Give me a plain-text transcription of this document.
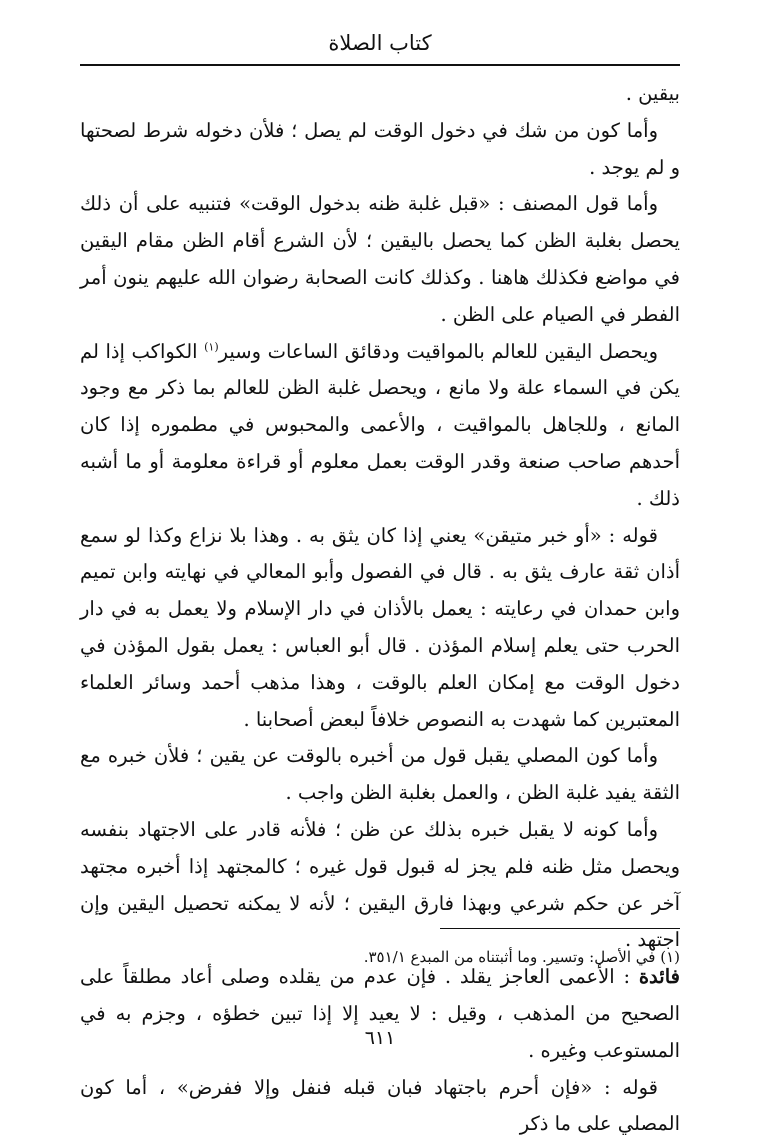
كتاب الصلاة

بيقين .

وأما كون من شك في دخول الوقت لم يصل ؛ فلأن دخوله شرط لصحتها و لم يوجد .

وأما قول المصنف : «قبل غلبة ظنه بدخول الوقت» فتنبيه على أن ذلك يحصل بغلبة الظن كما يحصل باليقين ؛ لأن الشرع أقام الظن مقام اليقين في مواضع فكذلك هاهنا . وكذلك كانت الصحابة رضوان الله عليهم ينون أمر الفطر في الصيام على الظن .

ويحصل اليقين للعالم بالمواقيت ودقائق الساعات وسير$^{(١)}$ الكواكب إذا لم يكن في السماء علة ولا مانع ، ويحصل غلبة الظن للعالم بما ذكر مع وجود المانع ، وللجاهل بالمواقيت ، والأعمى والمحبوس في مطموره إذا كان أحدهم صاحب صنعة وقدر الوقت بعمل معلوم أو قراءة معلومة أو ما أشبه ذلك .

قوله : «أو خبر متيقن» يعني إذا كان يثق به . وهذا بلا نزاع وكذا لو سمع أذان ثقة عارف يثق به . قال في الفصول وأبو المعالي في نهايته وابن تميم وابن حمدان في رعايته : يعمل بالأذان في دار الإسلام ولا يعمل به في دار الحرب حتى يعلم إسلام المؤذن . قال أبو العباس : يعمل بقول المؤذن في دخول الوقت مع إمكان العلم بالوقت ، وهذا مذهب أحمد وسائر العلماء المعتبرين كما شهدت به النصوص خلافاً لبعض أصحابنا .

وأما كون المصلي يقبل قول من أخبره بالوقت عن يقين ؛ فلأن خبره مع الثقة يفيد غلبة الظن ، والعمل بغلبة الظن واجب .

وأما كونه لا يقبل خبره بذلك عن ظن ؛ فلأنه قادر على الاجتهاد بنفسه ويحصل مثل ظنه فلم يجز له قبول قول غيره ؛ كالمجتهد إذا أخبره مجتهد آخر عن حكم شرعي وبهذا فارق اليقين ؛ لأنه لا يمكنه تحصيل اليقين وإن اجتهد .

فائدة : الأعمى العاجز يقلد . فإن عدم من يقلده وصلى أعاد مطلقاً على الصحيح من المذهب ، وقيل : لا يعيد إلا إذا تبين خطؤه ، وجزم به في المستوعب وغيره .

قوله : «فإن أحرم باجتهاد فبان قبله فنفل وإلا ففرض» ، أما كون المصلي على ما ذكر

(١) في الأصل: وتسير. وما أثبتناه من المبدع ٣٥١/١.
٦١١
